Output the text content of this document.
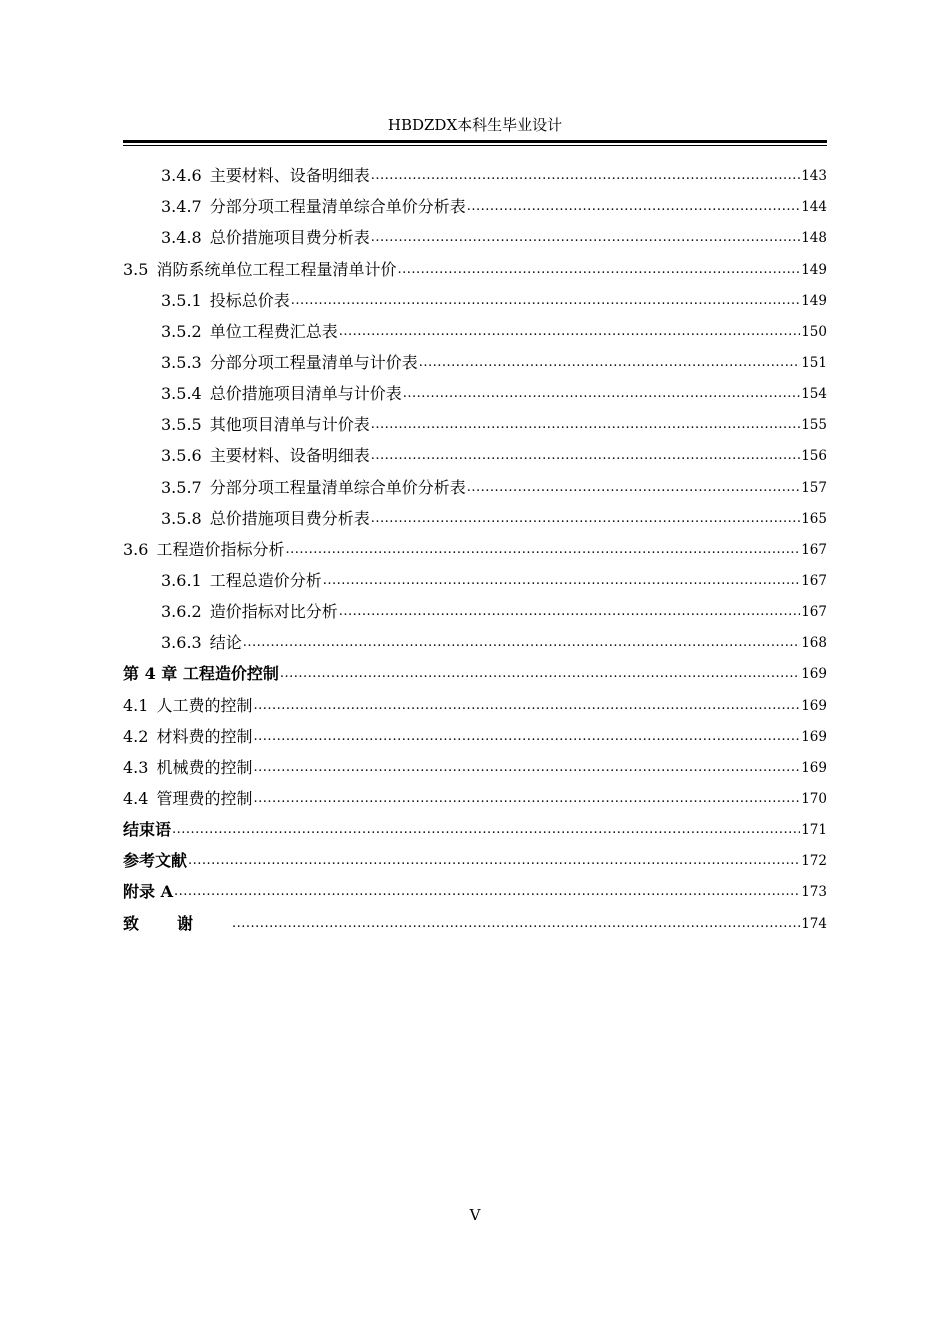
HBDZDX本科生毕业设计
3.4.6 主要材料、设备明细表 .....	143
3.4.7 分部分项工程量清单综合单价分析表 .....	144
3.4.8 总价措施项目费分析表 .....	148
3.5 消防系统单位工程工程量清单计价 .....	149
3.5.1 投标总价表 .....	149
3.5.2 单位工程费汇总表 .....	150
3.5.3 分部分项工程量清单与计价表 .....	151
3.5.4 总价措施项目清单与计价表 .....	154
3.5.5 其他项目清单与计价表 .....	155
3.5.6 主要材料、设备明细表 .....	156
3.5.7 分部分项工程量清单综合单价分析表 .....	157
3.5.8 总价措施项目费分析表 .....	165
3.6 工程造价指标分析 .....	167
3.6.1 工程总造价分析 .....	167
3.6.2 造价指标对比分析 .....	167
3.6.3 结论 .....	168
第 4 章 工程造价控制 .....	169
4.1 人工费的控制 .....	169
4.2 材料费的控制 .....	169
4.3 机械费的控制 .....	169
4.4 管理费的控制 .....	170
结束语 .....	171
参考文献 .....	172
附录 A .....	173
致谢 .....	174
V
